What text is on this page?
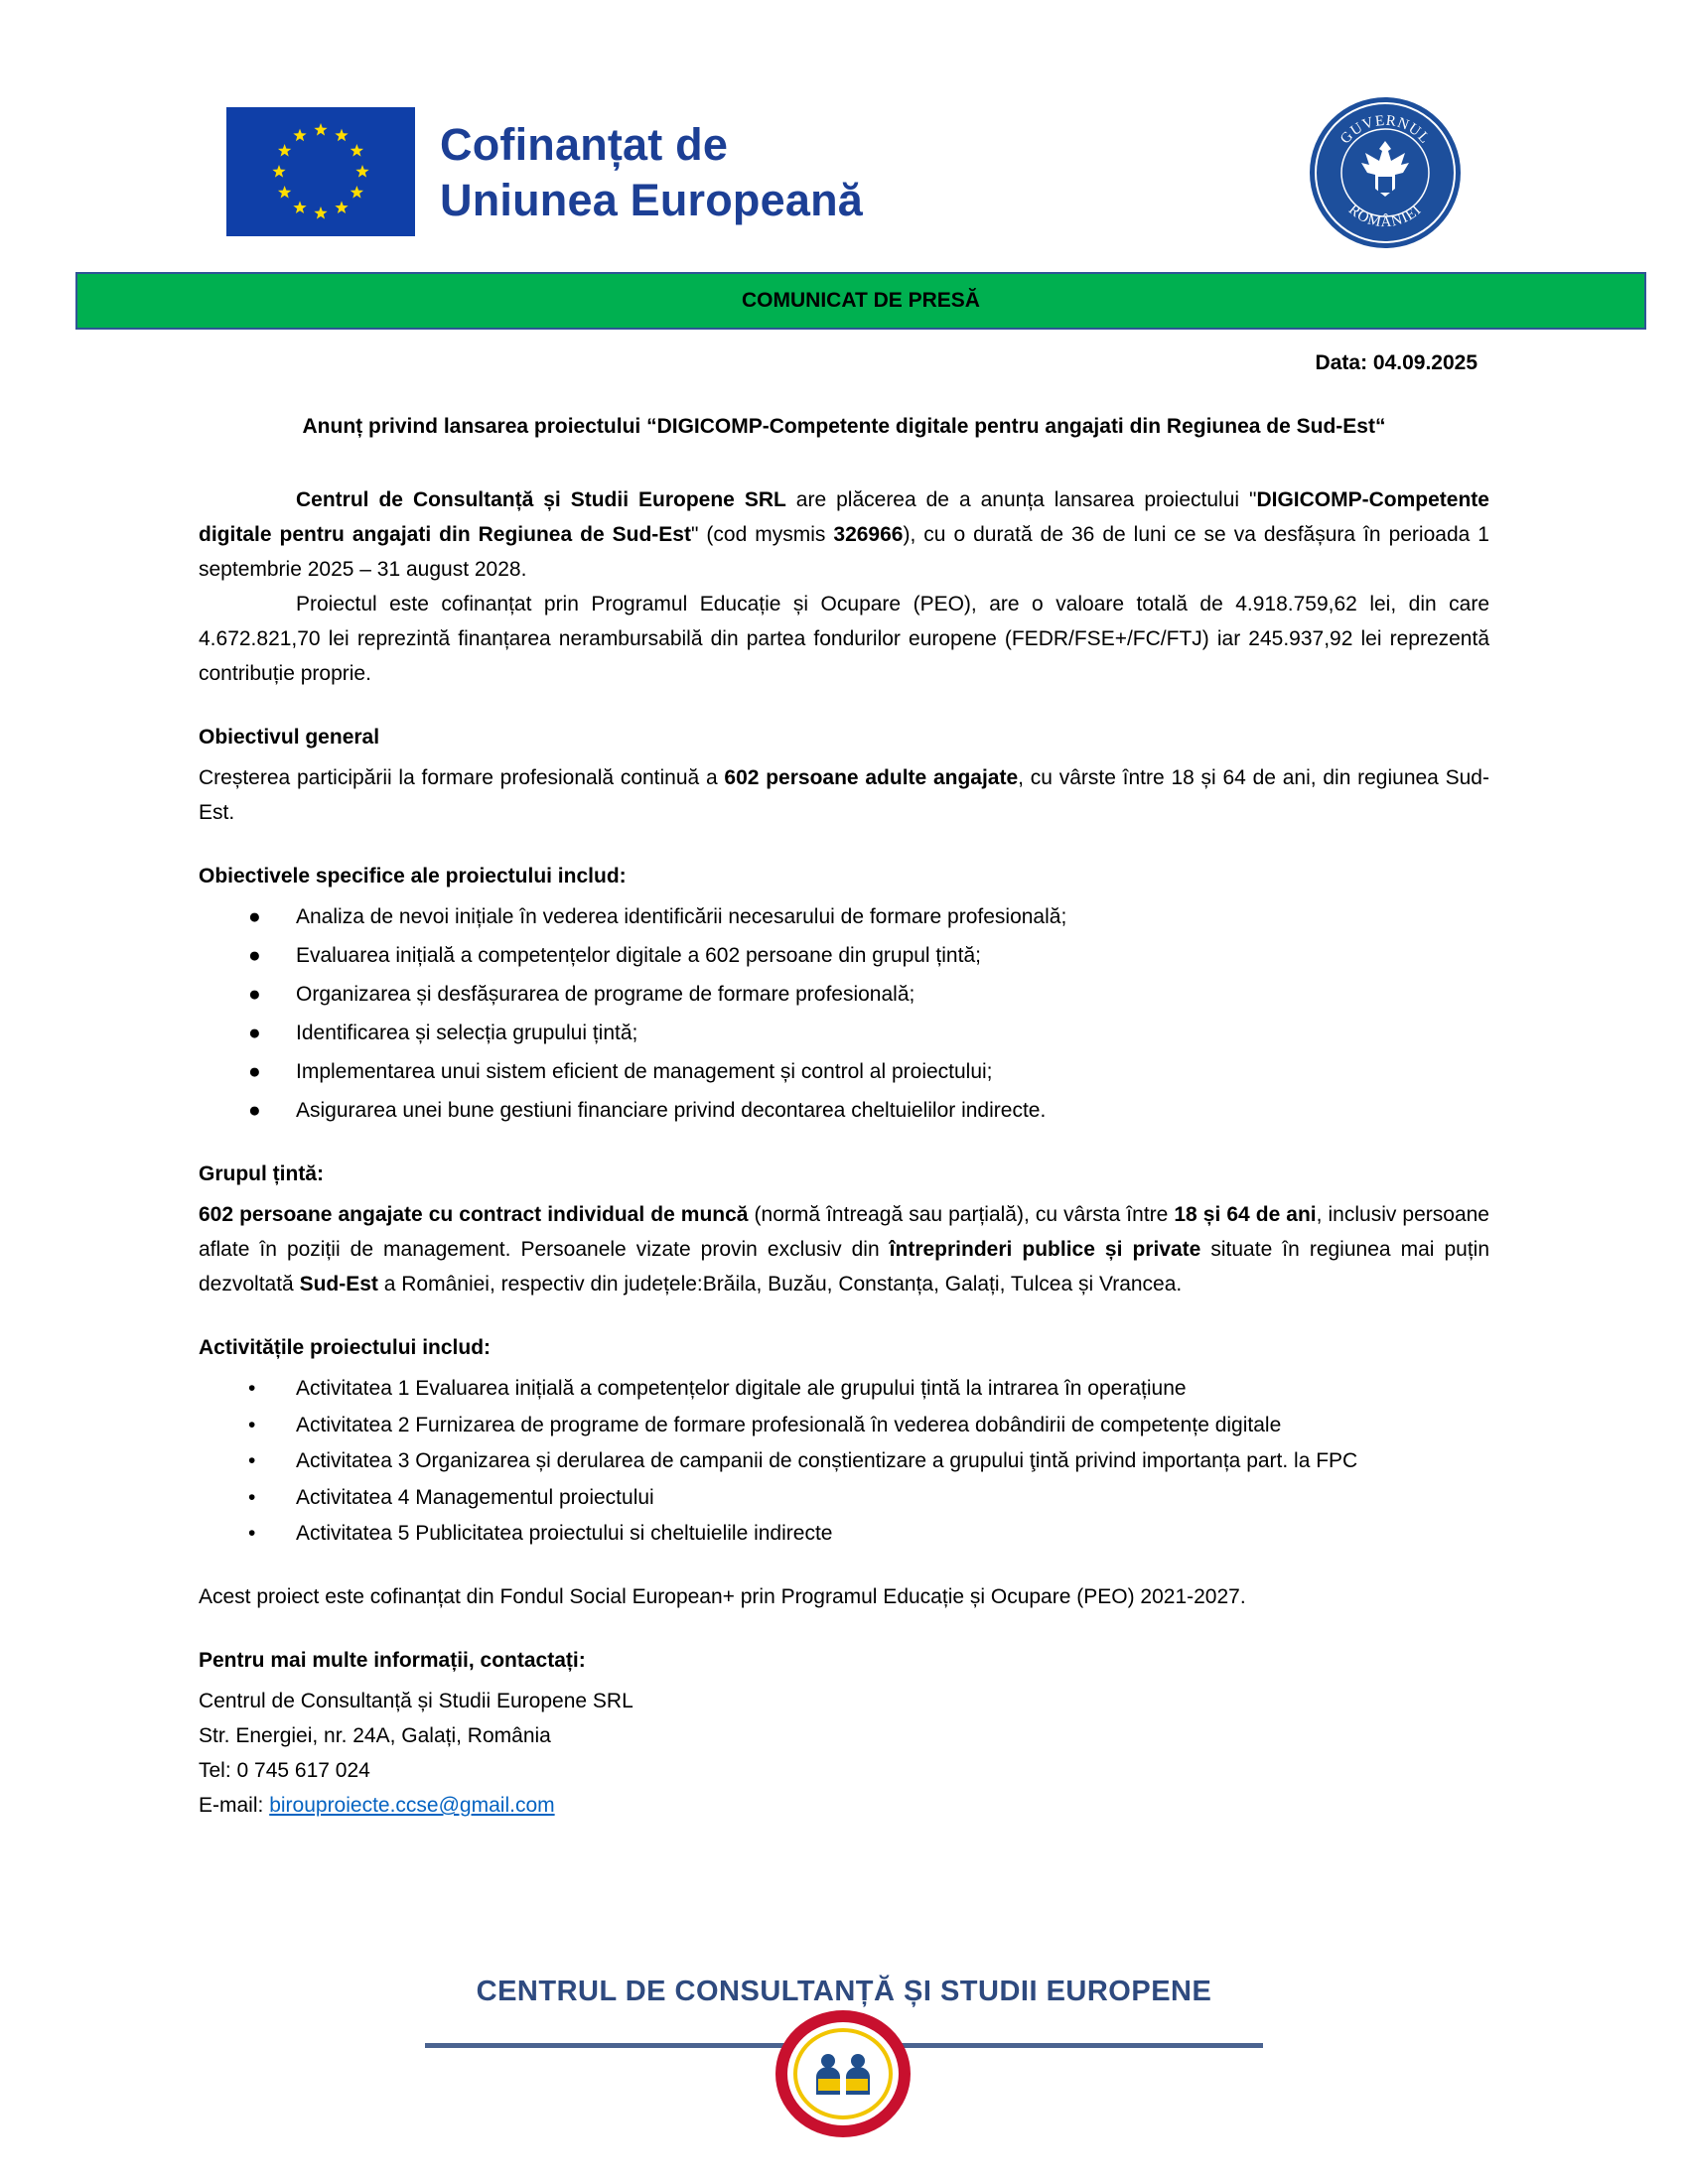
Cofinanțat de
Uniunea Europeană
GUVERNUL
ROMÂNIEI
COMUNICAT DE PRESĂ
Data: 04.09.2025
Anunț privind lansarea proiectului “DIGICOMP-Competente digitale pentru angajati din Regiunea de Sud-Est“
Centrul de Consultanță și Studii Europene SRL are plăcerea de a anunța lansarea proiectului "DIGICOMP-Competente digitale pentru angajati din Regiunea de Sud-Est" (cod mysmis 326966), cu o durată de 36 de luni ce se va desfășura în perioada 1 septembrie 2025 – 31 august 2028.
Proiectul este cofinanțat prin Programul Educație și Ocupare (PEO), are o valoare totală de 4.918.759,62 lei, din care 4.672.821,70 lei reprezintă finanțarea nerambursabilă din partea fondurilor europene (FEDR/FSE+/FC/FTJ) iar 245.937,92 lei reprezentă contribuție proprie.
Obiectivul general
Creșterea participării la formare profesională continuă a 602 persoane adulte angajate, cu vârste între 18 și 64 de ani, din regiunea Sud-Est.
Obiectivele specifice ale proiectului includ:
● Analiza de nevoi inițiale în vederea identificării necesarului de formare profesională;
● Evaluarea inițială a competențelor digitale a 602 persoane din grupul țintă;
● Organizarea și desfășurarea de programe de formare profesională;
● Identificarea și selecția grupului țintă;
● Implementarea unui sistem eficient de management și control al proiectului;
● Asigurarea unei bune gestiuni financiare privind decontarea cheltuielilor indirecte.
Grupul țintă:
602 persoane angajate cu contract individual de muncă (normă întreagă sau parțială), cu vârsta între 18 și 64 de ani, inclusiv persoane aflate în poziții de management. Persoanele vizate provin exclusiv din întreprinderi publice și private situate în regiunea mai puțin dezvoltată Sud-Est a României, respectiv din județele:Brăila, Buzău, Constanța, Galați, Tulcea și Vrancea.
Activitățile proiectului includ:
• Activitatea 1 Evaluarea inițială a competențelor digitale ale grupului țintă la intrarea în operațiune
• Activitatea 2 Furnizarea de programe de formare profesională în vederea dobândirii de competențe digitale
• Activitatea 3 Organizarea și derularea de campanii de conștientizare a grupului ţintă privind importanța part. la FPC
• Activitatea 4 Managementul proiectului
• Activitatea 5 Publicitatea proiectului si cheltuielile indirecte
Acest proiect este cofinanțat din Fondul Social European+ prin Programul Educație și Ocupare (PEO) 2021-2027.
Pentru mai multe informații, contactați:
Centrul de Consultanță și Studii Europene SRL
Str. Energiei, nr. 24A, Galați, România
Tel: 0 745 617 024
E-mail: birouproiecte.ccse@gmail.com
CENTRUL DE CONSULTANȚĂ ȘI STUDII EUROPENE
